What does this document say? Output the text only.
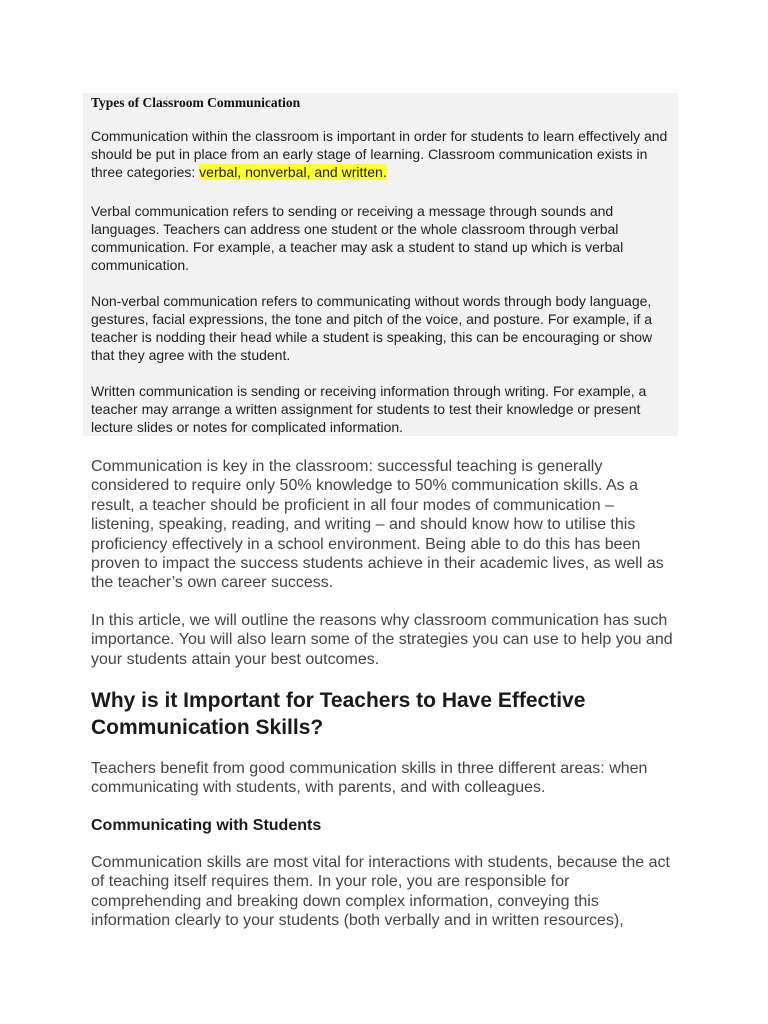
Types of Classroom Communication

Communication within the classroom is important in order for students to learn effectively and should be put in place from an early stage of learning. Classroom communication exists in three categories: verbal, nonverbal, and written.

Verbal communication refers to sending or receiving a message through sounds and languages. Teachers can address one student or the whole classroom through verbal communication. For example, a teacher may ask a student to stand up which is verbal communication.

Non-verbal communication refers to communicating without words through body language, gestures, facial expressions, the tone and pitch of the voice, and posture. For example, if a teacher is nodding their head while a student is speaking, this can be encouraging or show that they agree with the student.

Written communication is sending or receiving information through writing. For example, a teacher may arrange a written assignment for students to test their knowledge or present lecture slides or notes for complicated information.

Communication is key in the classroom: successful teaching is generally considered to require only 50% knowledge to 50% communication skills. As a result, a teacher should be proficient in all four modes of communication – listening, speaking, reading, and writing – and should know how to utilise this proficiency effectively in a school environment. Being able to do this has been proven to impact the success students achieve in their academic lives, as well as the teacher’s own career success.

In this article, we will outline the reasons why classroom communication has such importance. You will also learn some of the strategies you can use to help you and your students attain your best outcomes.

Why is it Important for Teachers to Have Effective Communication Skills?

Teachers benefit from good communication skills in three different areas: when communicating with students, with parents, and with colleagues.

Communicating with Students

Communication skills are most vital for interactions with students, because the act of teaching itself requires them. In your role, you are responsible for comprehending and breaking down complex information, conveying this information clearly to your students (both verbally and in written resources),
